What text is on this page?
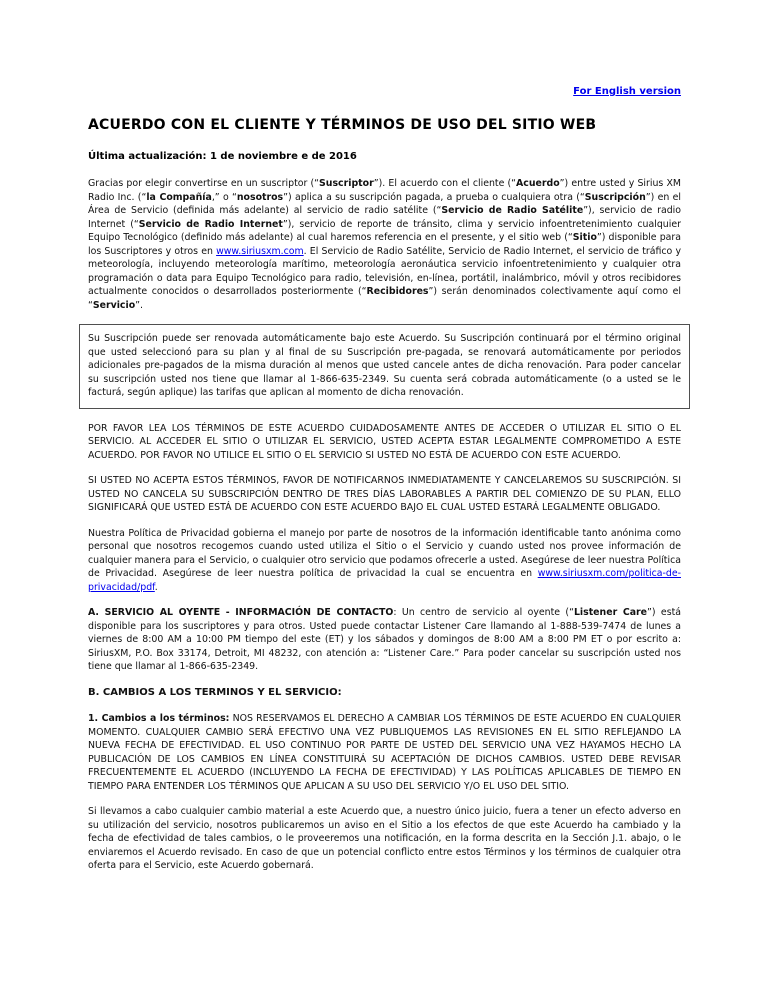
For English version
ACUERDO CON EL CLIENTE Y TÉRMINOS DE USO DEL SITIO WEB
Última actualización: 1 de noviembre e de 2016

Gracias por elegir convertirse en un suscriptor (“Suscriptor”). El acuerdo con el cliente (“Acuerdo”) entre usted y Sirius XM Radio Inc. (“la Compañía,” o “nosotros”) aplica a su suscripción pagada, a prueba o cualquiera otra (“Suscripción”) en el Área de Servicio (definida más adelante) al servicio de radio satélite (“Servicio de Radio Satélite”), servicio de radio Internet (“Servicio de Radio Internet”), servicio de reporte de tránsito, clima y servicio infoentretenimiento cualquier Equipo Tecnológico (definido más adelante) al cual haremos referencia en el presente, y el sitio web (“Sitio”) disponible para los Suscriptores y otros en www.siriusxm.com. El Servicio de Radio Satélite, Servicio de Radio Internet, el servicio de tráfico y meteorología, incluyendo meteorología marítimo, meteorología aeronáutica servicio infoentretenimiento y cualquier otra programación o data para Equipo Tecnológico para radio, televisión, en-línea, portátil, inalámbrico, móvil y otros recibidores actualmente conocidos o desarrollados posteriormente (“Recibidores”) serán denominados colectivamente aquí como el “Servicio”.

Su Suscripción puede ser renovada automáticamente bajo este Acuerdo. Su Suscripción continuará por el término original que usted seleccionó para su plan y al final de su Suscripción pre-pagada, se renovará automáticamente por periodos adicionales pre-pagados de la misma duración al menos que usted cancele antes de dicha renovación. Para poder cancelar su suscripción usted nos tiene que llamar al 1-866-635-2349. Su cuenta será cobrada automáticamente (o a usted se le facturá, según aplique) las tarifas que aplican al momento de dicha renovación.

POR FAVOR LEA LOS TÉRMINOS DE ESTE ACUERDO CUIDADOSAMENTE ANTES DE ACCEDER O UTILIZAR EL SITIO O EL SERVICIO. AL ACCEDER EL SITIO O UTILIZAR EL SERVICIO, USTED ACEPTA ESTAR LEGALMENTE COMPROMETIDO A ESTE ACUERDO. POR FAVOR NO UTILICE EL SITIO O EL SERVICIO SI USTED NO ESTÁ DE ACUERDO CON ESTE ACUERDO.

SI USTED NO ACEPTA ESTOS TÉRMINOS, FAVOR DE NOTIFICARNOS INMEDIATAMENTE Y CANCELAREMOS SU SUSCRIPCIÓN. SI USTED NO CANCELA SU SUBSCRIPCIÓN DENTRO DE TRES DÍAS LABORABLES A PARTIR DEL COMIENZO DE SU PLAN, ELLO SIGNIFICARÁ QUE USTED ESTÁ DE ACUERDO CON ESTE ACUERDO BAJO EL CUAL USTED ESTARÁ LEGALMENTE OBLIGADO.

Nuestra Política de Privacidad gobierna el manejo por parte de nosotros de la información identificable tanto anónima como personal que nosotros recogemos cuando usted utiliza el Sitio o el Servicio y cuando usted nos provee información de cualquier manera para el Servicio, o cualquier otro servicio que podamos ofrecerle a usted. Asegúrese de leer nuestra Política de Privacidad. Asegúrese de leer nuestra política de privacidad la cual se encuentra en www.siriusxm.com/politica-de-privacidad/pdf.

A. SERVICIO AL OYENTE - INFORMACIÓN DE CONTACTO: Un centro de servicio al oyente (“Listener Care”) está disponible para los suscriptores y para otros. Usted puede contactar Listener Care llamando al 1-888-539-7474 de lunes a viernes de 8:00 AM a 10:00 PM tiempo del este (ET) y los sábados y domingos de 8:00 AM a 8:00 PM ET o por escrito a: SiriusXM, P.O. Box 33174, Detroit, MI 48232, con atención a: “Listener Care.” Para poder cancelar su suscripción usted nos tiene que llamar al 1-866-635-2349.

B. CAMBIOS A LOS TERMINOS Y EL SERVICIO:

1. Cambios a los términos: NOS RESERVAMOS EL DERECHO A CAMBIAR LOS TÉRMINOS DE ESTE ACUERDO EN CUALQUIER MOMENTO. CUALQUIER CAMBIO SERÁ EFECTIVO UNA VEZ PUBLIQUEMOS LAS REVISIONES EN EL SITIO REFLEJANDO LA NUEVA FECHA DE EFECTIVIDAD. EL USO CONTINUO POR PARTE DE USTED DEL SERVICIO UNA VEZ HAYAMOS HECHO LA PUBLICACIÓN DE LOS CAMBIOS EN LÍNEA CONSTITUIRÁ SU ACEPTACIÓN DE DICHOS CAMBIOS. USTED DEBE REVISAR FRECUENTEMENTE EL ACUERDO (INCLUYENDO LA FECHA DE EFECTIVIDAD) Y LAS POLÍTICAS APLICABLES DE TIEMPO EN TIEMPO PARA ENTENDER LOS TÉRMINOS QUE APLICAN A SU USO DEL SERVICIO Y/O EL USO DEL SITIO.

Si llevamos a cabo cualquier cambio material a este Acuerdo que, a nuestro único juicio, fuera a tener un efecto adverso en su utilización del servicio, nosotros publicaremos un aviso en el Sitio a los efectos de que este Acuerdo ha cambiado y la fecha de efectividad de tales cambios, o le proveeremos una notificación, en la forma descrita en la Sección J.1. abajo, o le enviaremos el Acuerdo revisado. En caso de que un potencial conflicto entre estos Términos y los términos de cualquier otra oferta para el Servicio, este Acuerdo gobernará.
